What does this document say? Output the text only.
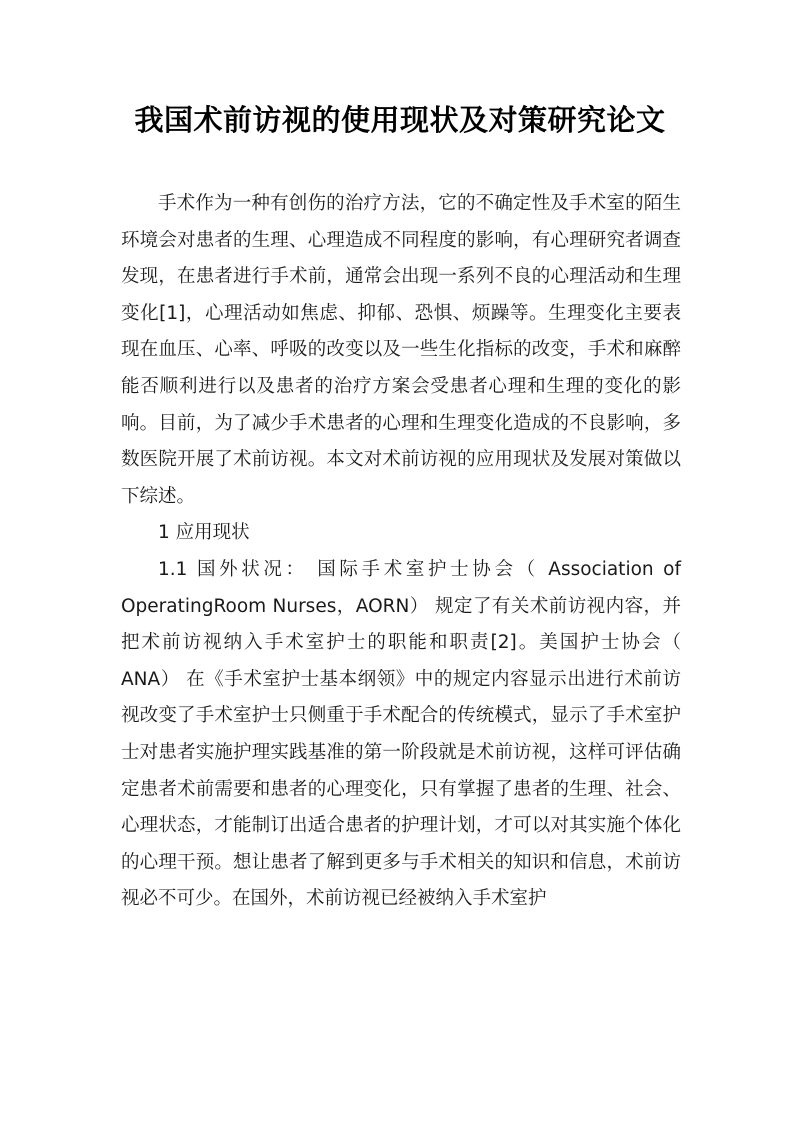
我国术前访视的使用现状及对策研究论文

手术作为一种有创伤的治疗方法，它的不确定性及手术室的陌生环境会对患者的生理、心理造成不同程度的影响，有心理研究者调查发现，在患者进行手术前，通常会出现一系列不良的心理活动和生理变化[1]，心理活动如焦虑、抑郁、恐惧、烦躁等。生理变化主要表现在血压、心率、呼吸的改变以及一些生化指标的改变，手术和麻醉能否顺利进行以及患者的治疗方案会受患者心理和生理的变化的影响。目前，为了减少手术患者的心理和生理变化造成的不良影响，多数医院开展了术前访视。本文对术前访视的应用现状及发展对策做以下综述。

1 应用现状

1.1 国外状况： 国际手术室护士协会（ Association of OperatingRoom Nurses，AORN） 规定了有关术前访视内容，并把术前访视纳入手术室护士的职能和职责[2]。美国护士协会（ ANA） 在《手术室护士基本纲领》中的规定内容显示出进行术前访视改变了手术室护士只侧重于手术配合的传统模式，显示了手术室护士对患者实施护理实践基准的第一阶段就是术前访视，这样可评估确定患者术前需要和患者的心理变化，只有掌握了患者的生理、社会、心理状态，才能制订出适合患者的护理计划，才可以对其实施个体化的心理干预。想让患者了解到更多与手术相关的知识和信息，术前访视必不可少。在国外，术前访视已经被纳入手术室护
